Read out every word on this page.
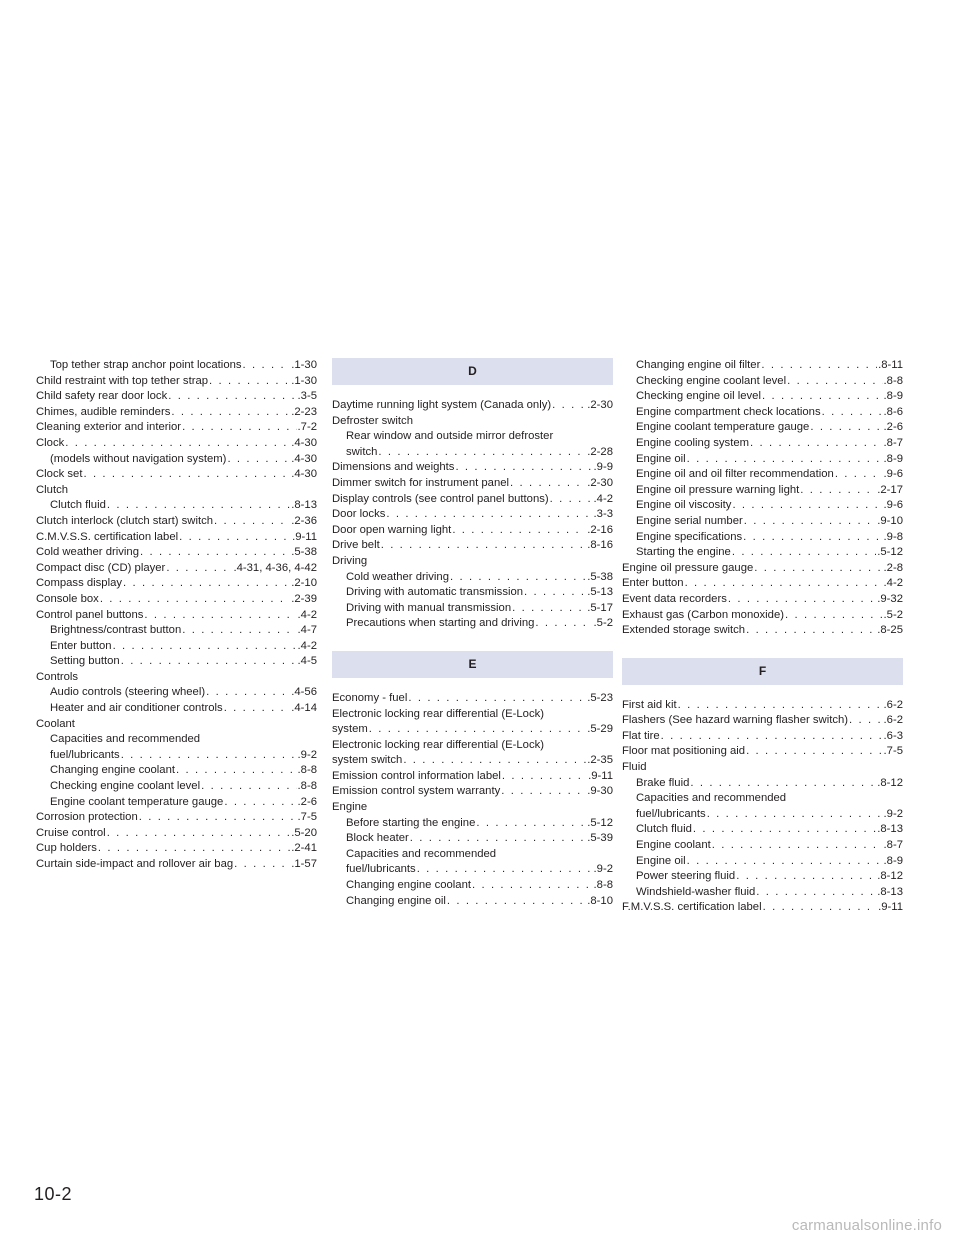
Top tether strap anchor point locations . . .	.1-30
Child restraint with top tether strap . . .	.1-30
Child safety rear door lock . . .	.3-5
Chimes, audible reminders . . .	.2-23
Cleaning exterior and interior . . .	.7-2
Clock . . .	.4-30
(models without navigation system) . . .	.4-30
Clock set . . .	.4-30
Clutch
Clutch fluid . . .	.8-13
Clutch interlock (clutch start) switch . . .	.2-36
C.M.V.S.S. certification label . . .	.9-11
Cold weather driving . . .	.5-38
Compact disc (CD) player . . .	.4-31, 4-36, 4-42
Compass display . . .	.2-10
Console box . . .	.2-39
Control panel buttons . . .	.4-2
Brightness/contrast button . . .	.4-7
Enter button . . .	.4-2
Setting button . . .	.4-5
Controls
Audio controls (steering wheel) . . .	.4-56
Heater and air conditioner controls . . .	.4-14
Coolant
Capacities and recommended
fuel/lubricants . . .	.9-2
Changing engine coolant . . .	.8-8
Checking engine coolant level . . .	.8-8
Engine coolant temperature gauge . . .	.2-6
Corrosion protection . . .	.7-5
Cruise control . . .	.5-20
Cup holders . . .	.2-41
Curtain side-impact and rollover air bag . . .	.1-57
D
Daytime running light system (Canada only) . . .	.2-30
Defroster switch
Rear window and outside mirror defroster
switch . . .	.2-28
Dimensions and weights . . .	.9-9
Dimmer switch for instrument panel . . .	.2-30
Display controls (see control panel buttons) . . .	.4-2
Door locks . . .	.3-3
Door open warning light . . .	.2-16
Drive belt . . .	.8-16
Driving
Cold weather driving . . .	.5-38
Driving with automatic transmission . . .	.5-13
Driving with manual transmission . . .	.5-17
Precautions when starting and driving . . .	.5-2
E
Economy - fuel . . .	.5-23
Electronic locking rear differential (E-Lock)
system . . .	.5-29
Electronic locking rear differential (E-Lock)
system switch . . .	.2-35
Emission control information label . . .	.9-11
Emission control system warranty . . .	.9-30
Engine
Before starting the engine . . .	.5-12
Block heater . . .	.5-39
Capacities and recommended
fuel/lubricants . . .	.9-2
Changing engine coolant . . .	.8-8
Changing engine oil . . .	.8-10
Changing engine oil filter . . .	.8-11
Checking engine coolant level . . .	.8-8
Checking engine oil level . . .	.8-9
Engine compartment check locations . . .	.8-6
Engine coolant temperature gauge . . .	.2-6
Engine cooling system . . .	.8-7
Engine oil . . .	.8-9
Engine oil and oil filter recommendation . . .	.9-6
Engine oil pressure warning light . . .	.2-17
Engine oil viscosity . . .	.9-6
Engine serial number . . .	.9-10
Engine specifications . . .	.9-8
Starting the engine . . .	.5-12
Engine oil pressure gauge . . .	.2-8
Enter button . . .	.4-2
Event data recorders . . .	.9-32
Exhaust gas (Carbon monoxide) . . .	.5-2
Extended storage switch . . .	.8-25
F
First aid kit . . .	.6-2
Flashers (See hazard warning flasher switch) . . .	.6-2
Flat tire . . .	.6-3
Floor mat positioning aid . . .	.7-5
Fluid
Brake fluid . . .	.8-12
Capacities and recommended
fuel/lubricants . . .	.9-2
Clutch fluid . . .	.8-13
Engine coolant . . .	.8-7
Engine oil . . .	.8-9
Power steering fluid . . .	.8-12
Windshield-washer fluid . . .	.8-13
F.M.V.S.S. certification label . . .	.9-11
10-2
carmanualsonline.info
